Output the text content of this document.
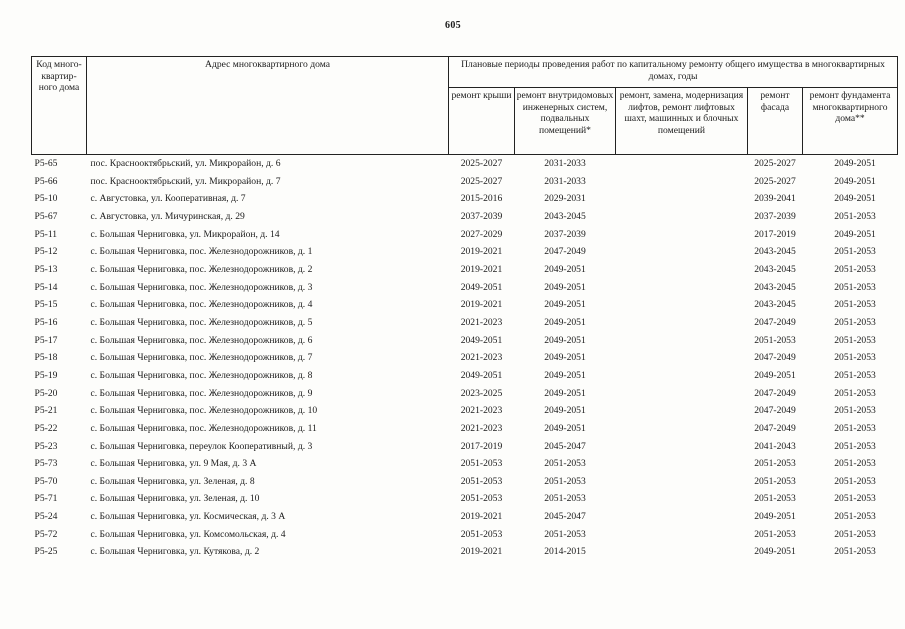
605
Код много-квартир-ного дома	Адрес многоквартирного дома	Плановые периоды проведения работ по капитальному ремонту общего имущества в многоквартирных домах, годы				
		ремонт крыши	ремонт внутридомовых инженерных систем, подвальных помещений*	ремонт, замена, модернизация лифтов, ремонт лифтовых шахт, машинных и блочных помещений	ремонт фасада	ремонт фундамента многоквартирного дома**
P5-65	пос. Краснооктябрьский, ул. Микрорайон, д. 6	2025-2027	2031-2033		2025-2027	2049-2051
P5-66	пос. Краснооктябрьский, ул. Микрорайон, д. 7	2025-2027	2031-2033		2025-2027	2049-2051
P5-10	с. Августовка, ул. Кооперативная, д. 7	2015-2016	2029-2031		2039-2041	2049-2051
P5-67	с. Августовка, ул. Мичуринская, д. 29	2037-2039	2043-2045		2037-2039	2051-2053
P5-11	с. Большая Черниговка, ул. Микрорайон, д. 14	2027-2029	2037-2039		2017-2019	2049-2051
P5-12	с. Большая Черниговка, пос. Железнодорожников, д. 1	2019-2021	2047-2049		2043-2045	2051-2053
P5-13	с. Большая Черниговка, пос. Железнодорожников, д. 2	2019-2021	2049-2051		2043-2045	2051-2053
P5-14	с. Большая Черниговка, пос. Железнодорожников, д. 3	2049-2051	2049-2051		2043-2045	2051-2053
P5-15	с. Большая Черниговка, пос. Железнодорожников, д. 4	2019-2021	2049-2051		2043-2045	2051-2053
P5-16	с. Большая Черниговка, пос. Железнодорожников, д. 5	2021-2023	2049-2051		2047-2049	2051-2053
P5-17	с. Большая Черниговка, пос. Железнодорожников, д. 6	2049-2051	2049-2051		2051-2053	2051-2053
P5-18	с. Большая Черниговка, пос. Железнодорожников, д. 7	2021-2023	2049-2051		2047-2049	2051-2053
P5-19	с. Большая Черниговка, пос. Железнодорожников, д. 8	2049-2051	2049-2051		2049-2051	2051-2053
P5-20	с. Большая Черниговка, пос. Железнодорожников, д. 9	2023-2025	2049-2051		2047-2049	2051-2053
P5-21	с. Большая Черниговка, пос. Железнодорожников, д. 10	2021-2023	2049-2051		2047-2049	2051-2053
P5-22	с. Большая Черниговка, пос. Железнодорожников, д. 11	2021-2023	2049-2051		2047-2049	2051-2053
P5-23	с. Большая Черниговка, переулок Кооперативный, д. 3	2017-2019	2045-2047		2041-2043	2051-2053
P5-73	с. Большая Черниговка, ул. 9 Мая, д. 3 А	2051-2053	2051-2053		2051-2053	2051-2053
P5-70	с. Большая Черниговка, ул. Зеленая, д. 8	2051-2053	2051-2053		2051-2053	2051-2053
P5-71	с. Большая Черниговка, ул. Зеленая, д. 10	2051-2053	2051-2053		2051-2053	2051-2053
P5-24	с. Большая Черниговка, ул. Космическая, д. 3 А	2019-2021	2045-2047		2049-2051	2051-2053
P5-72	с. Большая Черниговка, ул. Комсомольская, д. 4	2051-2053	2051-2053		2051-2053	2051-2053
P5-25	с. Большая Черниговка, ул. Кутякова, д. 2	2019-2021	2014-2015		2049-2051	2051-2053
